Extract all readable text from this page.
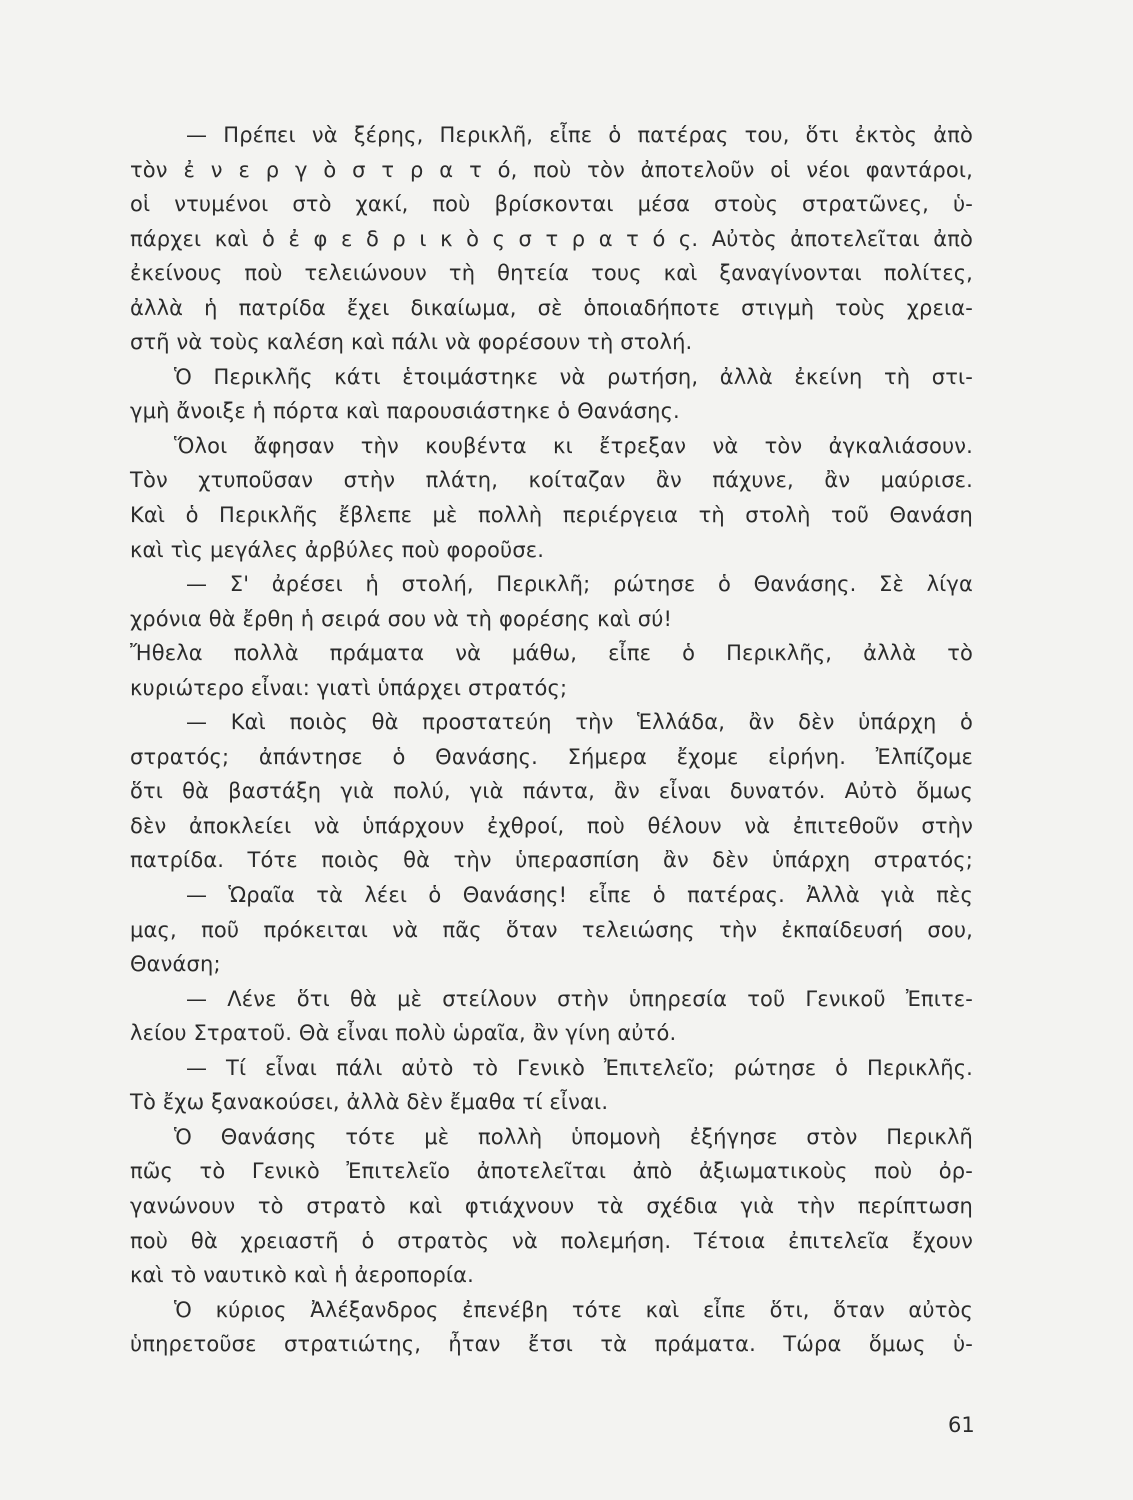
— Πρέπει νὰ ξέρης, Περικλῆ, εἶπε ὁ πατέρας του, ὅτι ἐκτὸς ἀπὸ
τὸν ἐ ν ε ρ γ ὸ σ τ ρ α τ ό, ποὺ τὸν ἀποτελοῦν οἱ νέοι φαντάροι,
οἱ ντυμένοι στὸ χακί, ποὺ βρίσκονται μέσα στοὺς στρατῶνες, ὑ-
πάρχει καὶ ὁ ἐ φ ε δ ρ ι κ ὸ ς σ τ ρ α τ ό ς. Αὐτὸς ἀποτελεῖται ἀπὸ
ἐκείνους ποὺ τελειώνουν τὴ θητεία τους καὶ ξαναγίνονται πολίτες,
ἀλλὰ ἡ πατρίδα ἔχει δικαίωμα, σὲ ὁποιαδήποτε στιγμὴ τοὺς χρεια-
στῆ νὰ τοὺς καλέση καὶ πάλι νὰ φορέσουν τὴ στολή.
Ὁ Περικλῆς κάτι ἑτοιμάστηκε νὰ ρωτήση, ἀλλὰ ἐκείνη τὴ στι-
γμὴ ἄνοιξε ἡ πόρτα καὶ παρουσιάστηκε ὁ Θανάσης.
Ὅλοι ἄφησαν τὴν κουβέντα κι ἔτρεξαν νὰ τὸν ἀγκαλιάσουν.
Τὸν χτυποῦσαν στὴν πλάτη, κοίταζαν ἂν πάχυνε, ἂν μαύρισε.
Καὶ ὁ Περικλῆς ἔβλεπε μὲ πολλὴ περιέργεια τὴ στολὴ τοῦ Θανάση
καὶ τὶς μεγάλες ἀρβύλες ποὺ φοροῦσε.
— Σ' ἀρέσει ἡ στολή, Περικλῆ; ρώτησε ὁ Θανάσης. Σὲ λίγα
χρόνια θὰ ἔρθη ἡ σειρά σου νὰ τὴ φορέσης καὶ σύ!
Ἤθελα πολλὰ πράματα νὰ μάθω, εἶπε ὁ Περικλῆς, ἀλλὰ τὸ
κυριώτερο εἶναι: γιατὶ ὑπάρχει στρατός;
— Καὶ ποιὸς θὰ προστατεύη τὴν Ἑλλάδα, ἂν δὲν ὑπάρχη ὁ
στρατός; ἀπάντησε ὁ Θανάσης. Σήμερα ἔχομε εἰρήνη. Ἐλπίζομε
ὅτι θὰ βαστάξη γιὰ πολύ, γιὰ πάντα, ἂν εἶναι δυνατόν. Αὐτὸ ὅμως
δὲν ἀποκλείει νὰ ὑπάρχουν ἐχθροί, ποὺ θέλουν νὰ ἐπιτεθοῦν στὴν
πατρίδα. Τότε ποιὸς θὰ τὴν ὑπερασπίση ἂν δὲν ὑπάρχη στρατός;
— Ὡραῖα τὰ λέει ὁ Θανάσης! εἶπε ὁ πατέρας. Ἀλλὰ γιὰ πὲς
μας, ποῦ πρόκειται νὰ πᾶς ὅταν τελειώσης τὴν ἐκπαίδευσή σου,
Θανάση;
— Λένε ὅτι θὰ μὲ στείλουν στὴν ὑπηρεσία τοῦ Γενικοῦ Ἐπιτε-
λείου Στρατοῦ. Θὰ εἶναι πολὺ ὡραῖα, ἂν γίνη αὐτό.
— Τί εἶναι πάλι αὐτὸ τὸ Γενικὸ Ἐπιτελεῖο; ρώτησε ὁ Περικλῆς.
Τὸ ἔχω ξανακούσει, ἀλλὰ δὲν ἔμαθα τί εἶναι.
Ὁ Θανάσης τότε μὲ πολλὴ ὑπομονὴ ἐξήγησε στὸν Περικλῆ
πῶς τὸ Γενικὸ Ἐπιτελεῖο ἀποτελεῖται ἀπὸ ἀξιωματικοὺς ποὺ ὀρ-
γανώνουν τὸ στρατὸ καὶ φτιάχνουν τὰ σχέδια γιὰ τὴν περίπτωση
ποὺ θὰ χρειαστῆ ὁ στρατὸς νὰ πολεμήση. Τέτοια ἐπιτελεῖα ἔχουν
καὶ τὸ ναυτικὸ καὶ ἡ ἀεροπορία.
Ὁ κύριος Ἀλέξανδρος ἐπενέβη τότε καὶ εἶπε ὅτι, ὅταν αὐτὸς
ὑπηρετοῦσε στρατιώτης, ἦταν ἔτσι τὰ πράματα. Τώρα ὅμως ὑ-
61
